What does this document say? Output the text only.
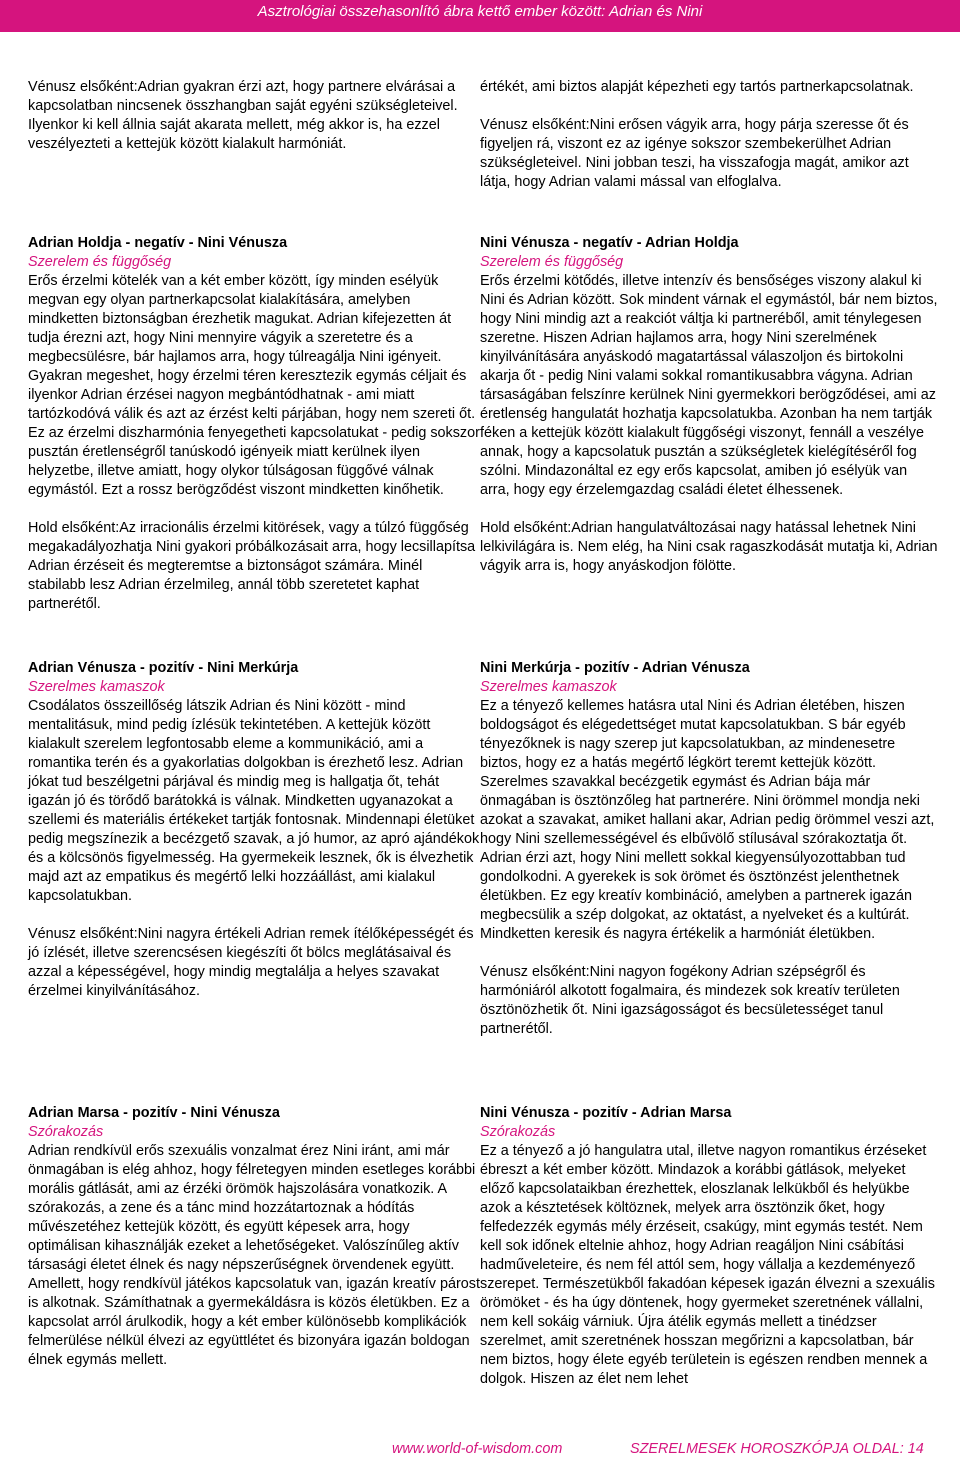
Asztrológiai összehasonlító ábra kettő ember között: Adrian és Nini

Vénusz elsőként:Adrian gyakran érzi azt, hogy partnere elvárásai a kapcsolatban nincsenek összhangban saját egyéni szükségleteivel. Ilyenkor ki kell állnia saját akarata mellett, még akkor is, ha ezzel veszélyezteti a kettejük között kialakult harmóniát.

Adrian Holdja - negatív - Nini Vénusza

Szerelem és függőség

Erős érzelmi kötelék van a két ember között, így minden esélyük megvan egy olyan partnerkapcsolat kialakítására, amelyben mindketten biztonságban érezhetik magukat. Adrian kifejezetten át tudja érezni azt, hogy Nini mennyire vágyik a szeretetre és a megbecsülésre, bár hajlamos arra, hogy túlreagálja Nini igényeit. Gyakran megeshet, hogy érzelmi téren keresztezik egymás céljait és ilyenkor Adrian érzései nagyon megbántódhatnak - ami miatt tartózkodóvá válik és azt az érzést kelti párjában, hogy nem szereti őt. Ez az érzelmi diszharmónia fenyegetheti kapcsolatukat - pedig sokszor pusztán éretlenségről tanúskodó igényeik miatt kerülnek ilyen helyzetbe, illetve amiatt, hogy olykor túlságosan függővé válnak egymástól. Ezt a rossz berögződést viszont mindketten kinőhetik.

Hold elsőként:Az irracionális érzelmi kitörések, vagy a túlzó függőség megakadályozhatja Nini gyakori próbálkozásait arra, hogy lecsillapítsa Adrian érzéseit és megteremtse a biztonságot számára. Minél stabilabb lesz Adrian érzelmileg, annál több szeretetet kaphat partnerétől.

Adrian Vénusza - pozitív - Nini Merkúrja

Szerelmes kamaszok

Csodálatos összeillőség látszik Adrian és Nini között - mind mentalitásuk, mind pedig ízlésük tekintetében. A kettejük között kialakult szerelem legfontosabb eleme a kommunikáció, ami a romantika terén és a gyakorlatias dolgokban is érezhető lesz. Adrian jókat tud beszélgetni párjával és mindig meg is hallgatja őt, tehát igazán jó és törődő barátokká is válnak. Mindketten ugyanazokat a szellemi és materiális értékeket tartják fontosnak. Mindennapi életüket pedig megszínezik a becézgető szavak, a jó humor, az apró ajándékok és a kölcsönös figyelmesség. Ha gyermekeik lesznek, ők is élvezhetik majd azt az empatikus és megértő lelki hozzáállást, ami kialakul kapcsolatukban.

Vénusz elsőként:Nini nagyra értékeli Adrian remek ítélőképességét és jó ízlését, illetve szerencsésen kiegészíti őt bölcs meglátásaival és azzal a képességével, hogy mindig megtalálja a helyes szavakat érzelmei kinyilvánításához.

Adrian Marsa - pozitív - Nini Vénusza

Szórakozás

Adrian rendkívül erős szexuális vonzalmat érez Nini iránt, ami már önmagában is elég ahhoz, hogy félretegyen minden esetleges korábbi morális gátlását, ami az érzéki örömök hajszolására vonatkozik. A szórakozás, a zene és a tánc mind hozzátartoznak a hódítás művészetéhez kettejük között, és együtt képesek arra, hogy optimálisan kihasználják ezeket a lehetőségeket. Valószínűleg aktív társasági életet élnek és nagy népszerűségnek örvendenek együtt. Amellett, hogy rendkívül játékos kapcsolatuk van, igazán kreatív párost is alkotnak. Számíthatnak a gyermekáldásra is közös életükben. Ez a kapcsolat arról árulkodik, hogy a két ember különösebb komplikációk felmerülése nélkül élvezi az együttlétet és bizonyára igazán boldogan élnek egymás mellett.

értékét, ami biztos alapját képezheti egy tartós partnerkapcsolatnak.

Vénusz elsőként:Nini erősen vágyik arra, hogy párja szeresse őt és figyeljen rá, viszont ez az igénye sokszor szembekerülhet Adrian szükségleteivel. Nini jobban teszi, ha visszafogja magát, amikor azt látja, hogy Adrian valami mással van elfoglalva.

Nini Vénusza - negatív - Adrian Holdja

Szerelem és függőség

Erős érzelmi kötődés, illetve intenzív és bensőséges viszony alakul ki Nini és Adrian között. Sok mindent várnak el egymástól, bár nem biztos, hogy Nini mindig azt a reakciót váltja ki partneréből, amit ténylegesen szeretne. Hiszen Adrian hajlamos arra, hogy Nini szerelmének kinyilvánítására anyáskodó magatartással válaszoljon és birtokolni akarja őt - pedig Nini valami sokkal romantikusabbra vágyna. Adrian társaságában felszínre kerülnek Nini gyermekkori berögződései, ami az éretlenség hangulatát hozhatja kapcsolatukba. Azonban ha nem tartják féken a kettejük között kialakult függőségi viszonyt, fennáll a veszélye annak, hogy a kapcsolatuk pusztán a szükségletek kielégítéséről fog szólni. Mindazonáltal ez egy erős kapcsolat, amiben jó esélyük van arra, hogy egy érzelemgazdag családi életet élhessenek.

Hold elsőként:Adrian hangulatváltozásai nagy hatással lehetnek Nini lelkivilágára is. Nem elég, ha Nini csak ragaszkodását mutatja ki, Adrian vágyik arra is, hogy anyáskodjon fölötte.

Nini Merkúrja - pozitív - Adrian Vénusza

Szerelmes kamaszok

Ez a tényező kellemes hatásra utal Nini és Adrian életében, hiszen boldogságot és elégedettséget mutat kapcsolatukban. S bár egyéb tényezőknek is nagy szerep jut kapcsolatukban, az mindenesetre biztos, hogy ez a hatás megértő légkört teremt kettejük között. Szerelmes szavakkal becézgetik egymást és Adrian bája már önmagában is ösztönzőleg hat partnerére. Nini örömmel mondja neki azokat a szavakat, amiket hallani akar, Adrian pedig örömmel veszi azt, hogy Nini szellemességével és elbűvölő stílusával szórakoztatja őt. Adrian érzi azt, hogy Nini mellett sokkal kiegyensúlyozottabban tud gondolkodni. A gyerekek is sok örömet és ösztönzést jelenthetnek életükben. Ez egy kreatív kombináció, amelyben a partnerek igazán megbecsülik a szép dolgokat, az oktatást, a nyelveket és a kultúrát. Mindketten keresik és nagyra értékelik a harmóniát életükben.

Vénusz elsőként:Nini nagyon fogékony Adrian szépségről és harmóniáról alkotott fogalmaira, és mindezek sok kreatív területen ösztönözhetik őt. Nini igazságosságot és becsületességet tanul partnerétől.

Nini Vénusza - pozitív - Adrian Marsa

Szórakozás

Ez a tényező a jó hangulatra utal, illetve nagyon romantikus érzéseket ébreszt a két ember között. Mindazok a korábbi gátlások, melyeket előző kapcsolataikban érezhettek, eloszlanak lelkükből és helyükbe azok a késztetések költöznek, melyek arra ösztönzik őket, hogy felfedezzék egymás mély érzéseit, csakúgy, mint egymás testét. Nem kell sok időnek eltelnie ahhoz, hogy Adrian reagáljon Nini csábítási hadműveleteire, és nem fél attól sem, hogy vállalja a kezdeményező szerepet. Természetükből fakadóan képesek igazán élvezni a szexuális örömöket - és ha úgy döntenek, hogy gyermeket szeretnének vállalni, nem kell sokáig várniuk. Újra átélik egymás mellett a tinédzser szerelmet, amit szeretnének hosszan megőrizni a kapcsolatban, bár nem biztos, hogy élete egyéb területein is egészen rendben mennek a dolgok. Hiszen az élet nem lehet

www.world-of-wisdom.com	SZERELMESEK HOROSZKÓPJA OLDAL: 14
